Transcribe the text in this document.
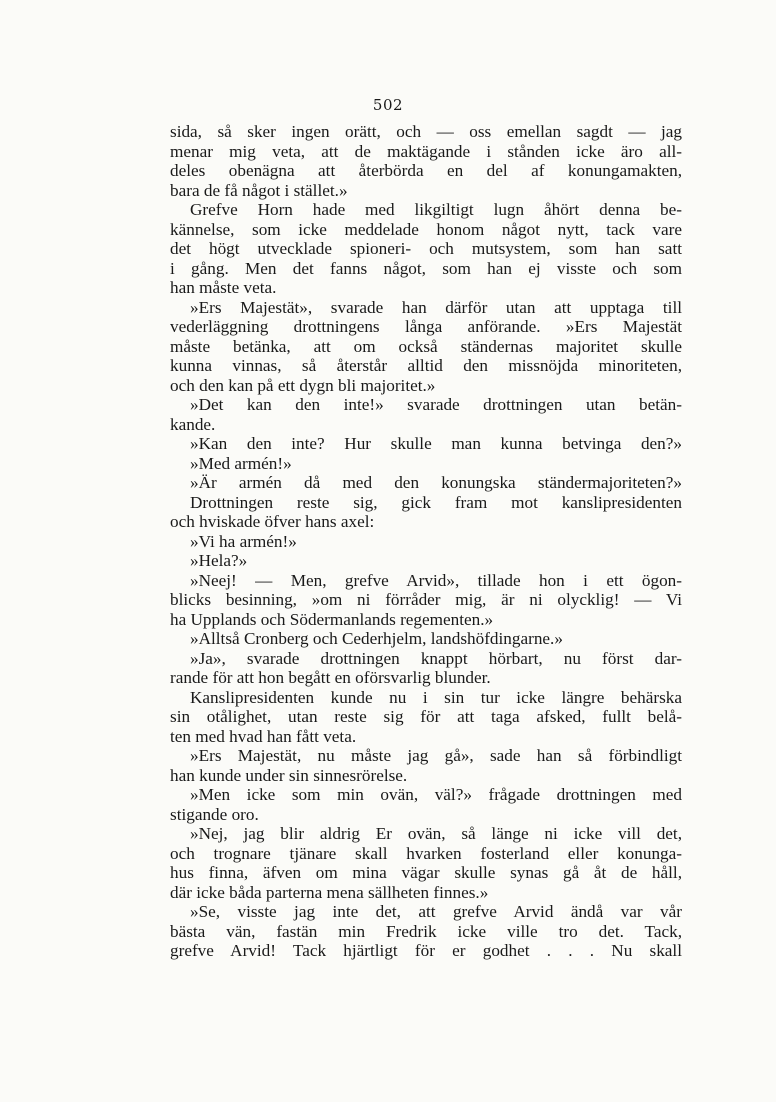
502
sida, så sker ingen orätt, och — oss emellan sagdt — jag
menar mig veta, att de maktägande i stånden icke äro all-
deles obenägna att återbörda en del af konungamakten,
bara de få något i stället.»
Grefve Horn hade med likgiltigt lugn åhört denna be-
kännelse, som icke meddelade honom något nytt, tack vare
det högt utvecklade spioneri- och mutsystem, som han satt
i gång. Men det fanns något, som han ej visste och som
han måste veta.
»Ers Majestät», svarade han därför utan att upptaga till
vederläggning drottningens långa anförande. »Ers Majestät
måste betänka, att om också ständernas majoritet skulle
kunna vinnas, så återstår alltid den missnöjda minoriteten,
och den kan på ett dygn bli majoritet.»
»Det kan den inte!» svarade drottningen utan betän-
kande.
»Kan den inte? Hur skulle man kunna betvinga den?»
»Med armén!»
»Är armén då med den konungska ständermajoriteten?»
Drottningen reste sig, gick fram mot kanslipresidenten
och hviskade öfver hans axel:
»Vi ha armén!»
»Hela?»
»Neej! — Men, grefve Arvid», tillade hon i ett ögon-
blicks besinning, »om ni förråder mig, är ni olycklig! — Vi
ha Upplands och Södermanlands regementen.»
»Alltså Cronberg och Cederhjelm, landshöfdingarne.»
»Ja», svarade drottningen knappt hörbart, nu först dar-
rande för att hon begått en oförsvarlig blunder.
Kanslipresidenten kunde nu i sin tur icke längre behärska
sin otålighet, utan reste sig för att taga afsked, fullt belå-
ten med hvad han fått veta.
»Ers Majestät, nu måste jag gå», sade han så förbindligt
han kunde under sin sinnesrörelse.
»Men icke som min ovän, väl?» frågade drottningen med
stigande oro.
»Nej, jag blir aldrig Er ovän, så länge ni icke vill det,
och trognare tjänare skall hvarken fosterland eller konunga-
hus finna, äfven om mina vägar skulle synas gå åt de håll,
där icke båda parterna mena sällheten finnes.»
»Se, visste jag inte det, att grefve Arvid ändå var vår
bästa vän, fastän min Fredrik icke ville tro det. Tack,
grefve Arvid! Tack hjärtligt för er godhet . . . Nu skall
